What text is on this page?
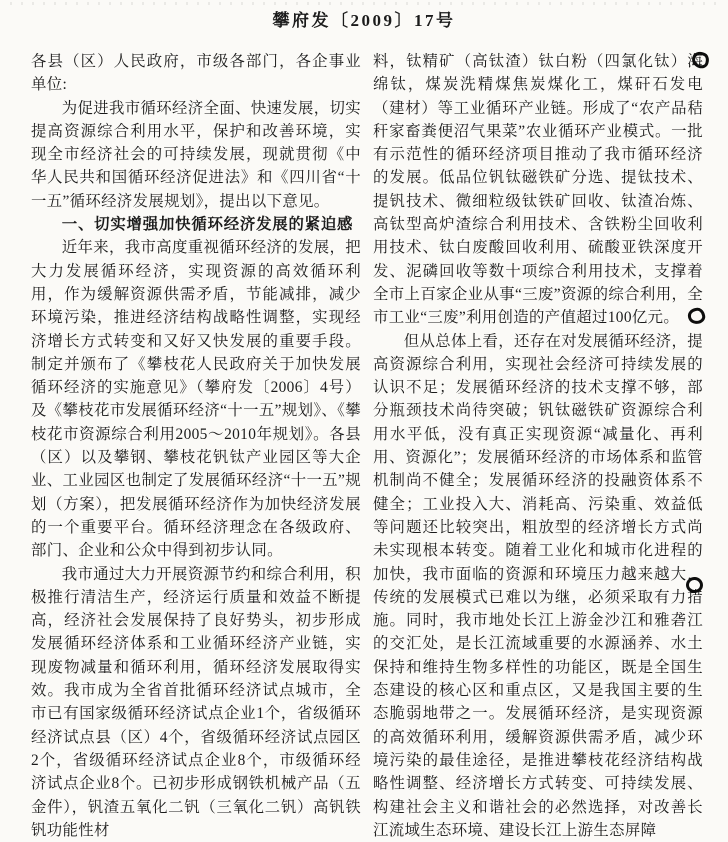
攀府发〔2009〕17号

各县（区）人民政府，市级各部门，各企事业单位:

为促进我市循环经济全面、快速发展，切实提高资源综合利用水平，保护和改善环境，实现全市经济社会的可持续发展，现就贯彻《中华人民共和国循环经济促进法》和《四川省“十一五”循环经济发展规划》，提出以下意见。

一、切实增强加快循环经济发展的紧迫感

近年来，我市高度重视循环经济的发展，把大力发展循环经济，实现资源的高效循环利用，作为缓解资源供需矛盾，节能减排，减少环境污染，推进经济结构战略性调整，实现经济增长方式转变和又好又快发展的重要手段。制定并颁布了《攀枝花人民政府关于加快发展循环经济的实施意见》（攀府发〔2006〕4号）及《攀枝花市发展循环经济“十一五”规划》、《攀枝花市资源综合利用2005～2010年规划》。各县（区）以及攀钢、攀枝花钒钛产业园区等大企业、工业园区也制定了发展循环经济“十一五”规划（方案），把发展循环经济作为加快经济发展的一个重要平台。循环经济理念在各级政府、部门、企业和公众中得到初步认同。

我市通过大力开展资源节约和综合利用，积极推行清洁生产，经济运行质量和效益不断提高，经济社会发展保持了良好势头，初步形成发展循环经济体系和工业循环经济产业链，实现废物减量和循环利用，循环经济发展取得实效。我市成为全省首批循环经济试点城市，全市已有国家级循环经济试点企业1个，省级循环经济试点县（区）4个，省级循环经济试点园区2个，省级循环经济试点企业8个，市级循环经济试点企业8个。已初步形成钢铁机械产品（五金件），钒渣五氧化二钒（三氧化二钒）高钒铁钒功能性材

料，钛精矿（高钛渣）钛白粉（四氯化钛）海绵钛，煤炭洗精煤焦炭煤化工，煤矸石发电（建材）等工业循环产业链。形成了“农产品秸秆家畜粪便沼气果菜”农业循环产业模式。一批有示范性的循环经济项目推动了我市循环经济的发展。低品位钒钛磁铁矿分选、提钛技术、提钒技术、微细粒级钛铁矿回收、钛渣冶炼、高钛型高炉渣综合利用技术、含铁粉尘回收利用技术、钛白废酸回收利用、硫酸亚铁深度开发、泥磷回收等数十项综合利用技术，支撑着全市上百家企业从事“三废”资源的综合利用，全市工业“三废”利用创造的产值超过100亿元。

但从总体上看，还存在对发展循环经济，提高资源综合利用，实现社会经济可持续发展的认识不足；发展循环经济的技术支撑不够，部分瓶颈技术尚待突破；钒钛磁铁矿资源综合利用水平低，没有真正实现资源“减量化、再利用、资源化”；发展循环经济的市场体系和监管机制尚不健全；发展循环经济的投融资体系不健全；工业投入大、消耗高、污染重、效益低等问题还比较突出，粗放型的经济增长方式尚未实现根本转变。随着工业化和城市化进程的加快，我市面临的资源和环境压力越来越大，传统的发展模式已难以为继，必须采取有力措施。同时，我市地处长江上游金沙江和雅砻江的交汇处，是长江流域重要的水源涵养、水土保持和维持生物多样性的功能区，既是全国生态建设的核心区和重点区，又是我国主要的生态脆弱地带之一。发展循环经济，是实现资源的高效循环利用，缓解资源供需矛盾，减少环境污染的最佳途径，是推进攀枝花经济结构战略性调整、经济增长方式转变、可持续发展、构建社会主义和谐社会的必然选择，对改善长江流域生态环境、建设长江上游生态屏障
